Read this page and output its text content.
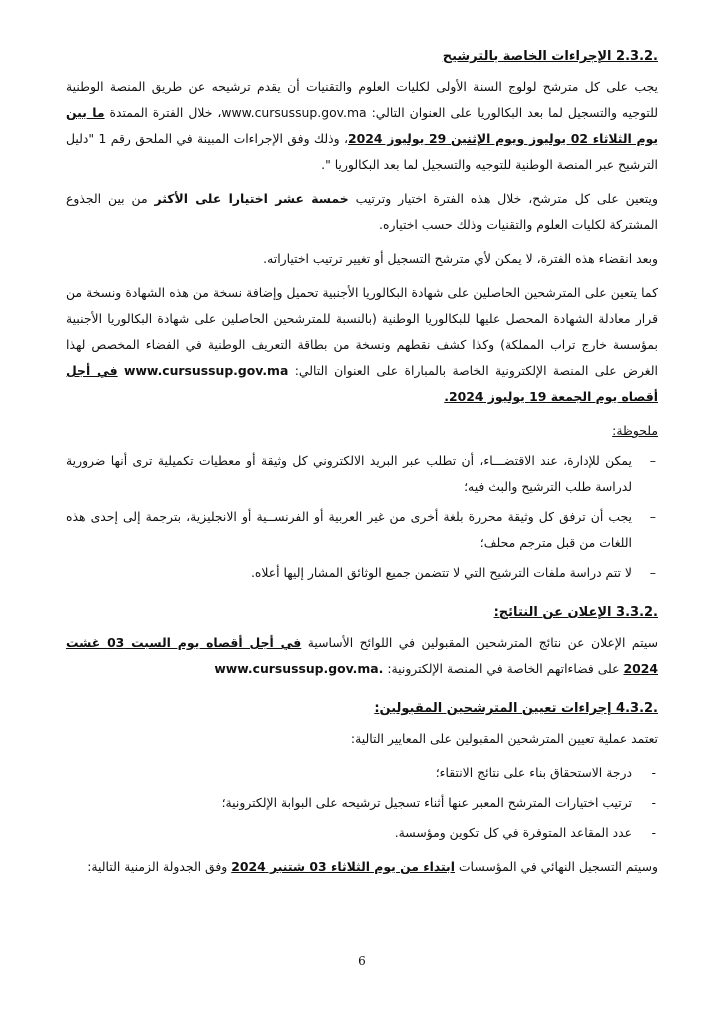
2.3.2. الإجراءات الخاصة بالترشيح

يجب على كل مترشح لولوج السنة الأولى لكليات العلوم والتقنيات أن يقدم ترشيحه عن طريق المنصة الوطنية للتوجيه والتسجيل لما بعد البكالوريا على العنوان التالي: www.cursussup.gov.ma، خلال الفترة الممتدة ما بين يوم الثلاثاء 02 يوليوز ويوم الإثنين 29 يوليوز 2024، وذلك وفق الإجراءات المبينة في الملحق رقم 1 "دليل الترشيح عبر المنصة الوطنية للتوجيه والتسجيل لما بعد البكالوريا ".

ويتعين على كل مترشح، خلال هذه الفترة اختيار وترتيب خمسة عشر اختيارا على الأكثر من بين الجذوع المشتركة لكليات العلوم والتقنيات وذلك حسب اختياره.

وبعد انقضاء هذه الفترة، لا يمكن لأي مترشح التسجيل أو تغيير ترتيب اختياراته.

كما يتعين على المترشحين الحاصلين على شهادة البكالوريا الأجنبية تحميل وإضافة نسخة من هذه الشهادة ونسخة من قرار معادلة الشهادة المحصل عليها للبكالوريا الوطنية (بالنسبة للمترشحين الحاصلين على شهادة البكالوريا الأجنبية بمؤسسة خارج تراب المملكة) وكذا كشف نقطهم ونسخة من بطاقة التعريف الوطنية في الفضاء المخصص لهذا الغرض على المنصة الإلكترونية الخاصة بالمباراة على العنوان التالي: www.cursussup.gov.ma في أجل أقصاه يوم الجمعة 19 يوليوز 2024.

ملحوظة:
–
يمكن للإدارة، عند الاقتضـــاء، أن تطلب عبر البريد الالكتروني كل وثيقة أو معطيات تكميلية ترى أنها ضرورية لدراسة طلب الترشيح والبث فيه؛
–
يجب أن ترفق كل وثيقة محررة بلغة أخرى من غير العربية أو الفرنســية أو الانجليزية، بترجمة إلى إحدى هذه اللغات من قبل مترجم محلف؛
–
لا تتم دراسة ملفات الترشيح التي لا تتضمن جميع الوثائق المشار إليها أعلاه.
3.3.2. الإعلان عن النتائج:

سيتم الإعلان عن نتائج المترشحين المقبولين في اللوائح الأساسية في أجل أقصاه يوم السبت 03 غشت 2024 على فضاءاتهم الخاصة في المنصة الإلكترونية: www.cursussup.gov.ma.

4.3.2. إجراءات تعيين المترشحين المقبولين:

تعتمد عملية تعيين المترشحين المقبولين على المعايير التالية:

-
درجة الاستحقاق بناء على نتائج الانتقاء؛
-
ترتيب اختيارات المترشح المعبر عنها أثناء تسجيل ترشيحه على البوابة الإلكترونية؛
-
عدد المقاعد المتوفرة في كل تكوين ومؤسسة.

وسيتم التسجيل النهائي في المؤسسات ابتداء من يوم الثلاثاء 03 شتنبر 2024 وفق الجدولة الزمنية التالية:

6
